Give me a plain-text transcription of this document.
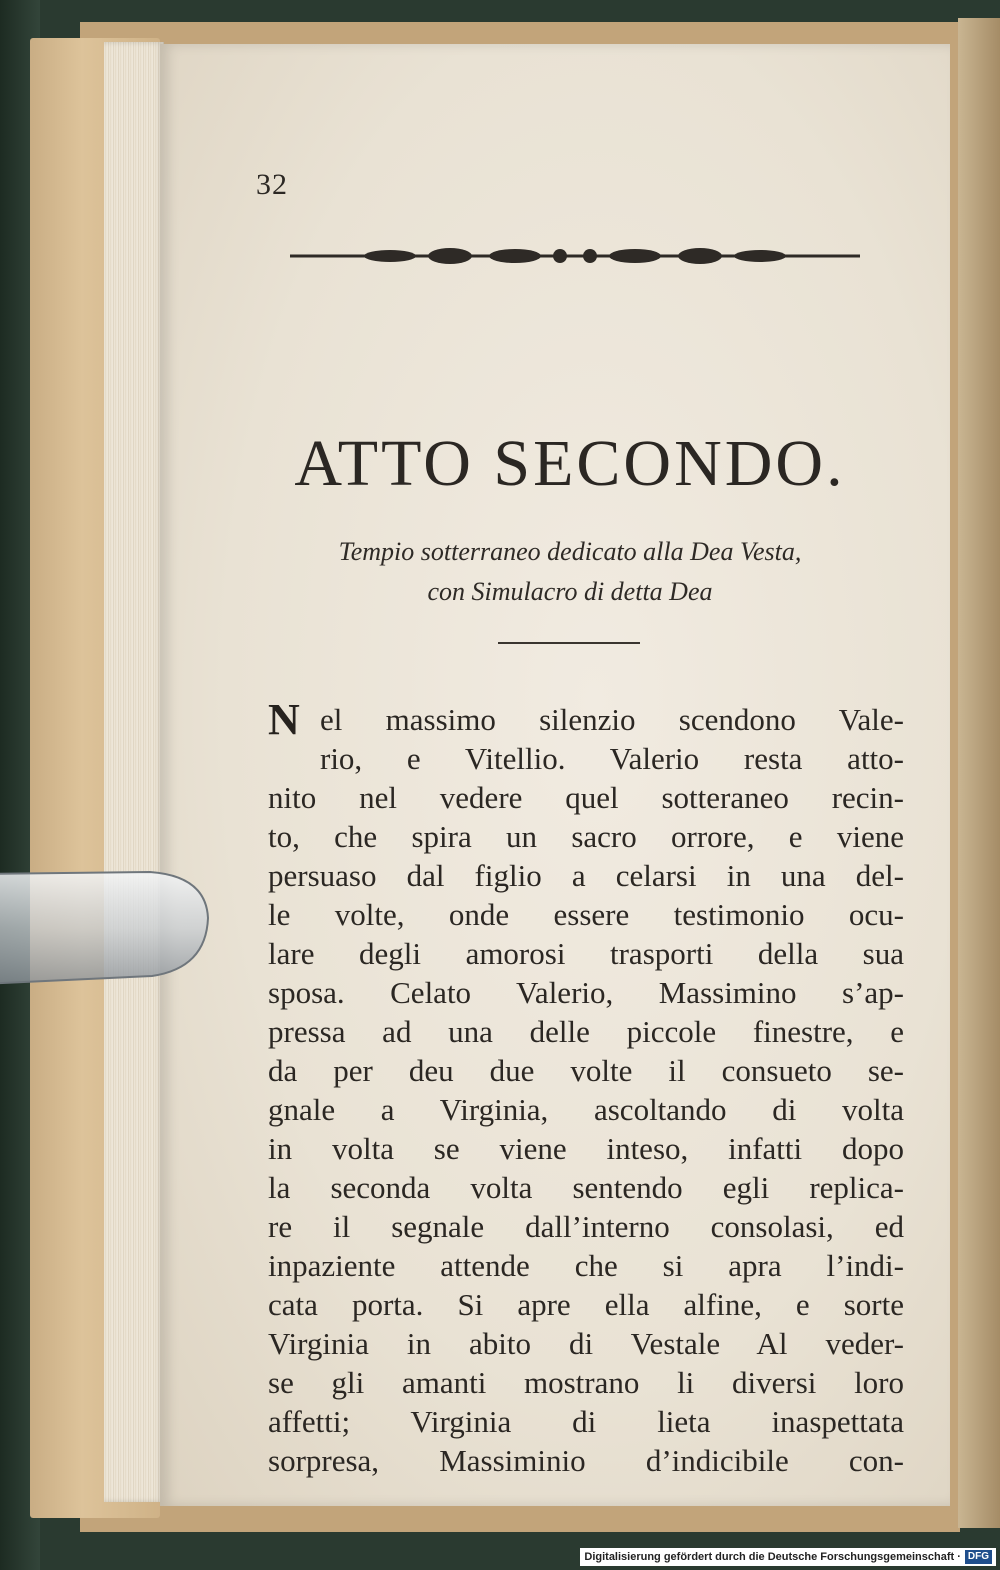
32
ATTO SECONDO.
Tempio sotterraneo dedicato alla Dea Vesta,
con Simulacro di detta Dea
N el massimo silenzio scendono Vale-
rio, e Vitellio. Valerio resta atto-
nito nel vedere quel sotteraneo recin-
to, che spira un sacro orrore, e viene
persuaso dal figlio a celarsi in una del-
le volte, onde essere testimonio ocu-
lare degli amorosi trasporti della sua
sposa. Celato Valerio, Massimino s’ap-
pressa ad una delle piccole finestre, e
da per deu due volte il consueto se-
gnale a Virginia, ascoltando di volta
in volta se viene inteso, infatti dopo
la seconda volta sentendo egli replica-
re il segnale dall’interno consolasi, ed
inpaziente attende che si apra l’indi-
cata porta. Si apre ella alfine, e sorte
Virginia in abito di Vestale Al veder-
se gli amanti mostrano li diversi loro
affetti; Virginia di lieta inaspettata
sorpresa, Massiminio d’indicibile con-
Digitalisierung gefördert durch die Deutsche Forschungsgemeinschaft · DFG
